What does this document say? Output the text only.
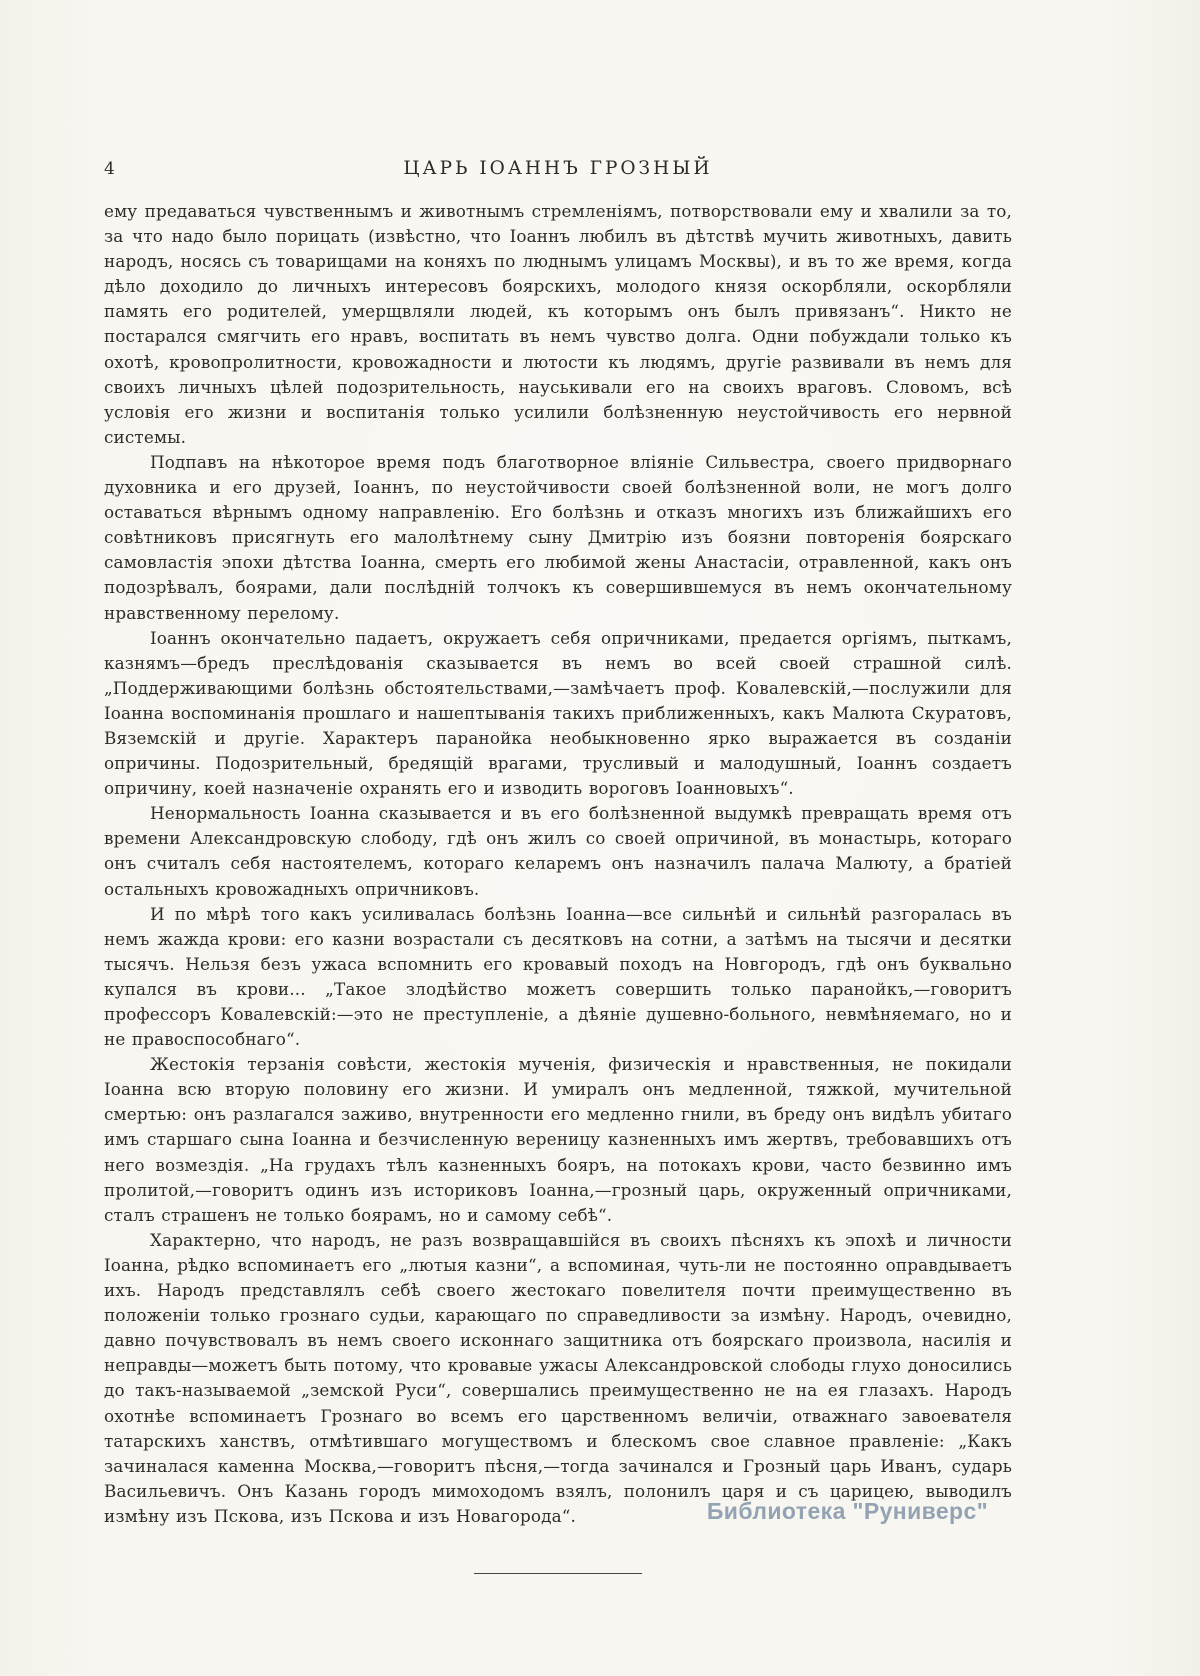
4	ЦАРЬ ІОАННЪ ГРОЗНЫЙ

ему предаваться чувственнымъ и животнымъ стремленіямъ, потворствовали ему и хвалили за то, за что надо было порицать (извѣстно, что Іоаннъ любилъ въ дѣтствѣ мучить животныхъ, давить народъ, носясь съ товарищами на коняхъ по люднымъ улицамъ Москвы), и въ то же время, когда дѣло доходило до личныхъ интересовъ боярскихъ, молодого князя оскорбляли, оскорбляли память его родителей, умерщвляли людей, къ которымъ онъ былъ привязанъ“. Никто не постарался смягчить его нравъ, воспитать въ немъ чувство долга. Одни побуждали только къ охотѣ, кровопролитности, кровожадности и лютости къ людямъ, другіе развивали въ немъ для своихъ личныхъ цѣлей подозрительность, науськивали его на своихъ враговъ. Словомъ, всѣ условія его жизни и воспитанія только усилили болѣзненную неустойчивость его нервной системы.

Подпавъ на нѣкоторое время подъ благотворное вліяніе Сильвестра, своего придворнаго духовника и его друзей, Іоаннъ, по неустойчивости своей болѣзненной воли, не могъ долго оставаться вѣрнымъ одному направленію. Его болѣзнь и отказъ многихъ изъ ближайшихъ его совѣтниковъ присягнуть его малолѣтнему сыну Дмитрію изъ боязни повторенія боярскаго самовластія эпохи дѣтства Іоанна, смерть его любимой жены Анастасіи, отравленной, какъ онъ подозрѣвалъ, боярами, дали послѣдній толчокъ къ совершившемуся въ немъ окончательному нравственному перелому.

Іоаннъ окончательно падаетъ, окружаетъ себя опричниками, предается оргіямъ, пыткамъ, казнямъ—бредъ преслѣдованія сказывается въ немъ во всей своей страшной силѣ. „Поддерживающими болѣзнь обстоятельствами,—замѣчаетъ проф. Ковалевскій,—послужили для Іоанна воспоминанія прошлаго и нашептыванія такихъ приближенныхъ, какъ Малюта Скуратовъ, Вяземскій и другіе. Характеръ паранойка необыкновенно ярко выражается въ созданіи опричины. Подозрительный, бредящій врагами, трусливый и малодушный, Іоаннъ создаетъ опричину, коей назначеніе охранять его и изводить вороговъ Іоанновыхъ“.

Ненормальность Іоанна сказывается и въ его болѣзненной выдумкѣ превращать время отъ времени Александровскую слободу, гдѣ онъ жилъ со своей опричиной, въ монастырь, котораго онъ считалъ себя настоятелемъ, котораго келаремъ онъ назначилъ палача Малюту, а братіей остальныхъ кровожадныхъ опричниковъ.

И по мѣрѣ того какъ усиливалась болѣзнь Іоанна—все сильнѣй и сильнѣй разгоралась въ немъ жажда крови: его казни возрастали съ десятковъ на сотни, а затѣмъ на тысячи и десятки тысячъ. Нельзя безъ ужаса вспомнить его кровавый походъ на Новгородъ, гдѣ онъ буквально купался въ крови... „Такое злодѣйство можетъ совершить только паранойкъ,—говоритъ профессоръ Ковалевскій:—это не преступленіе, а дѣяніе душевно-больного, невмѣняемаго, но и не правоспособнаго“.

Жестокія терзанія совѣсти, жестокія мученія, физическія и нравственныя, не покидали Іоанна всю вторую половину его жизни. И умиралъ онъ медленной, тяжкой, мучительной смертью: онъ разлагался заживо, внутренности его медленно гнили, въ бреду онъ видѣлъ убитаго имъ старшаго сына Іоанна и безчисленную вереницу казненныхъ имъ жертвъ, требовавшихъ отъ него возмездія. „На грудахъ тѣлъ казненныхъ бояръ, на потокахъ крови, часто безвинно имъ пролитой,—говоритъ одинъ изъ историковъ Іоанна,—грозный царь, окруженный опричниками, сталъ страшенъ не только боярамъ, но и самому себѣ“.

Характерно, что народъ, не разъ возвращавшійся въ своихъ пѣсняхъ къ эпохѣ и личности Іоанна, рѣдко вспоминаетъ его „лютыя казни“, а вспоминая, чуть-ли не постоянно оправдываетъ ихъ. Народъ представлялъ себѣ своего жестокаго повелителя почти преимущественно въ положеніи только грознаго судьи, карающаго по справедливости за измѣну. Народъ, очевидно, давно почувствовалъ въ немъ своего исконнаго защитника отъ боярскаго произвола, насилія и неправды—можетъ быть потому, что кровавые ужасы Александровской слободы глухо доносились до такъ-называемой „земской Руси“, совершались преимущественно не на ея глазахъ. Народъ охотнѣе вспоминаетъ Грознаго во всемъ его царственномъ величіи, отважнаго завоевателя татарскихъ ханствъ, отмѣтившаго могуществомъ и блескомъ свое славное правленіе: „Какъ зачиналася каменна Москва,—говоритъ пѣсня,—тогда зачинался и Грозный царь Иванъ, сударь Васильевичъ. Онъ Казань городъ мимоходомъ взялъ, полонилъ царя и съ царицею, выводилъ измѣну изъ Пскова, изъ Пскова и изъ Новагорода“.	Библиотека "Руниверс"
